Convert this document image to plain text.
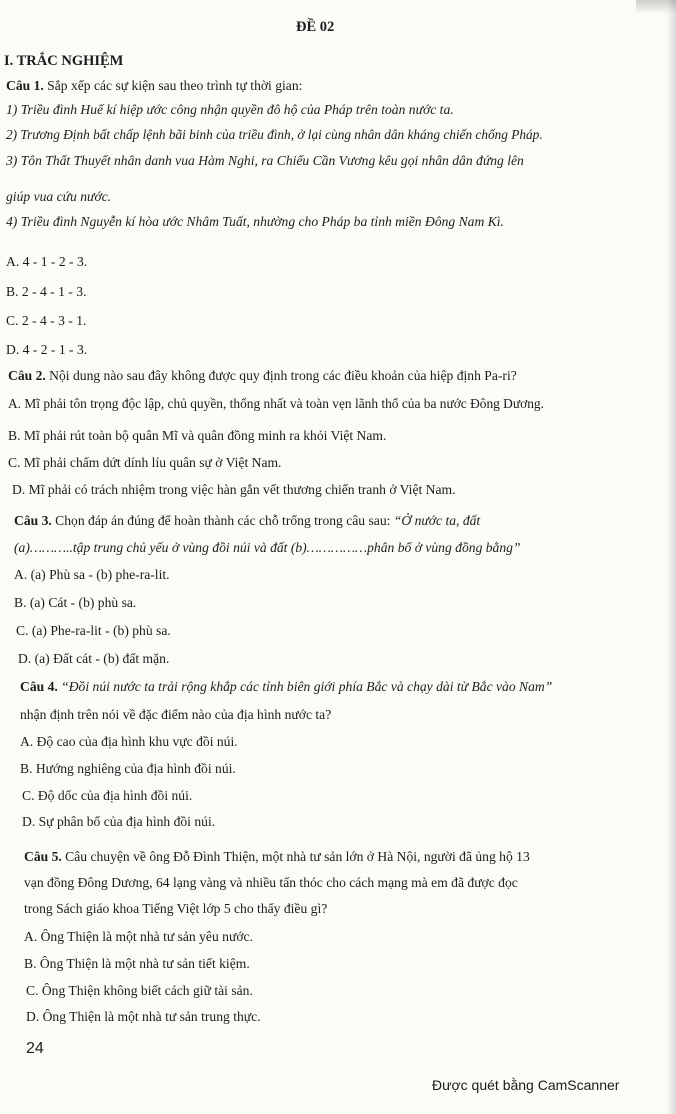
ĐỀ 02
I. TRẮC NGHIỆM
Câu 1. Sắp xếp các sự kiện sau theo trình tự thời gian:
1) Triều đình Huế kí hiệp ước công nhận quyền đô hộ của Pháp trên toàn nước ta.
2) Trương Định bất chấp lệnh bãi binh của triều đình, ở lại cùng nhân dân kháng chiến chống Pháp.
3) Tôn Thất Thuyết nhân danh vua Hàm Nghi, ra Chiếu Cần Vương kêu gọi nhân dân đứng lên
giúp vua cứu nước.
4) Triều đình Nguyễn kí hòa ước Nhâm Tuất, nhường cho Pháp ba tỉnh miền Đông Nam Kì.
A. 4 - 1 - 2 - 3.
B. 2 - 4 - 1 - 3.
C. 2 - 4 - 3 - 1.
D. 4 - 2 - 1 - 3.
Câu 2. Nội dung nào sau đây không được quy định trong các điều khoản của hiệp định Pa-ri?
A. Mĩ phải tôn trọng độc lập, chủ quyền, thống nhất và toàn vẹn lãnh thổ của ba nước Đông Dương.
B. Mĩ phải rút toàn bộ quân Mĩ và quân đồng minh ra khỏi Việt Nam.
C. Mĩ phải chấm dứt dính líu quân sự ở Việt Nam.
D. Mĩ phải có trách nhiệm trong việc hàn gắn vết thương chiến tranh ở Việt Nam.
Câu 3. Chọn đáp án đúng để hoàn thành các chỗ trống trong câu sau: “Ở nước ta, đất
(a)………..tập trung chủ yếu ở vùng đồi núi và đất (b)……………phân bố ở vùng đồng bằng”
A. (a) Phù sa - (b) phe-ra-lit.
B. (a) Cát - (b) phù sa.
C. (a) Phe-ra-lit - (b) phù sa.
D. (a) Đất cát - (b) đất mặn.
Câu 4. “Đồi núi nước ta trải rộng khắp các tỉnh biên giới phía Bắc và chạy dài từ Bắc vào Nam”
nhận định trên nói về đặc điểm nào của địa hình nước ta?
A. Độ cao của địa hình khu vực đồi núi.
B. Hướng nghiêng của địa hình đồi núi.
C. Độ dốc của địa hình đồi núi.
D. Sự phân bố của địa hình đồi núi.
Câu 5. Câu chuyện về ông Đỗ Đình Thiện, một nhà tư sản lớn ở Hà Nội, người đã ủng hộ 13
vạn đồng Đông Dương, 64 lạng vàng và nhiều tấn thóc cho cách mạng mà em đã được đọc
trong Sách giáo khoa Tiếng Việt lớp 5 cho thấy điều gì?
A. Ông Thiện là một nhà tư sản yêu nước.
B. Ông Thiện là một nhà tư sản tiết kiệm.
C. Ông Thiện không biết cách giữ tài sản.
D. Ông Thiện là một nhà tư sản trung thực.
24
Được quét bằng CamScanner
